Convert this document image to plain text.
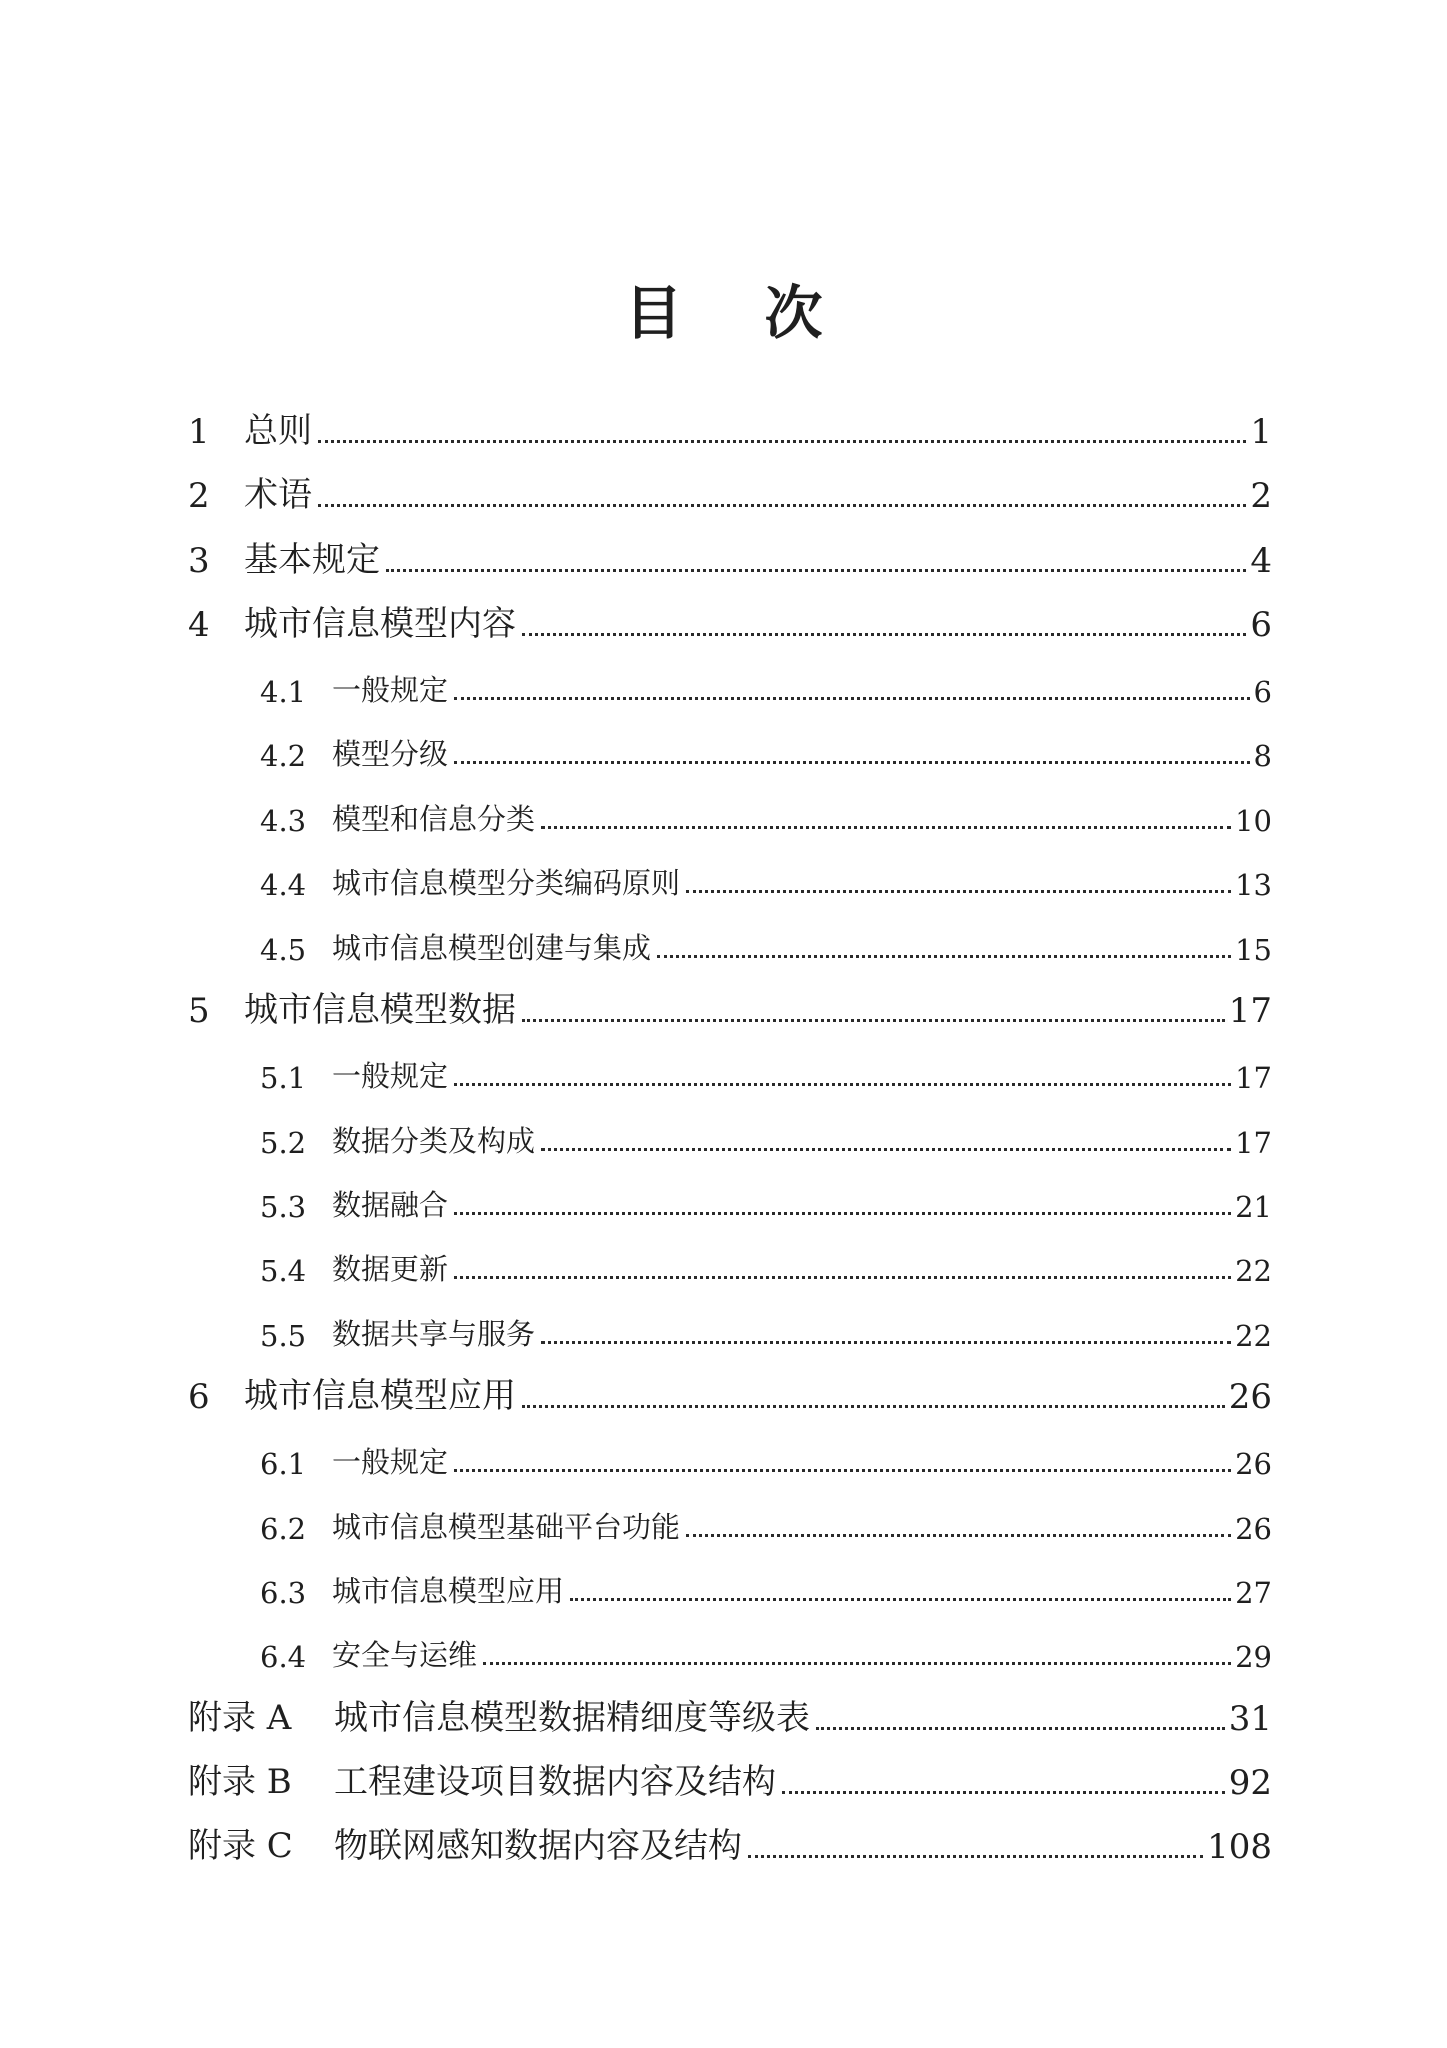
目 次
1	总则	1
2	术语	2
3	基本规定	4
4	城市信息模型内容	6
4.1 一般规定	6
4.2 模型分级	8
4.3 模型和信息分类	10
4.4 城市信息模型分类编码原则	13
4.5 城市信息模型创建与集成	15
5	城市信息模型数据	17
5.1 一般规定	17
5.2 数据分类及构成	17
5.3 数据融合	21
5.4 数据更新	22
5.5 数据共享与服务	22
6	城市信息模型应用	26
6.1 一般规定	26
6.2 城市信息模型基础平台功能	26
6.3 城市信息模型应用	27
6.4 安全与运维	29
附录 A	城市信息模型数据精细度等级表	31
附录 B	工程建设项目数据内容及结构	92
附录 C	物联网感知数据内容及结构	108
